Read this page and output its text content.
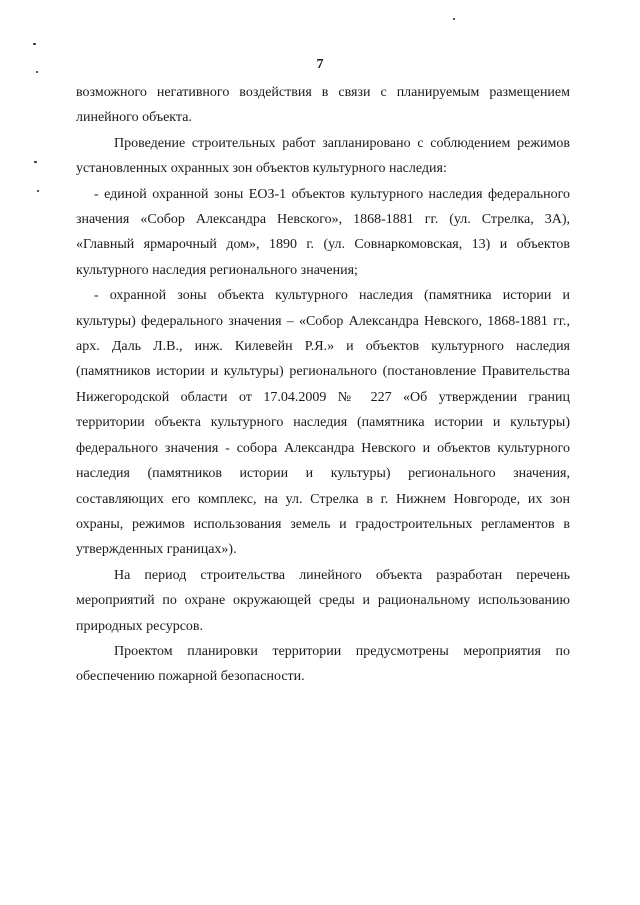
7

возможного негативного воздействия в связи с планируемым размещением линейного объекта.

Проведение строительных работ запланировано с соблюдением режимов установленных охранных зон объектов культурного наследия:

- единой охранной зоны ЕОЗ-1 объектов культурного наследия федерального значения «Собор Александра Невского», 1868-1881 гг. (ул. Стрелка, 3А), «Главный ярмарочный дом», 1890 г. (ул. Совнаркомовская, 13) и объектов культурного наследия регионального значения;

- охранной зоны объекта культурного наследия (памятника истории и культуры) федерального значения – «Собор Александра Невского, 1868-1881 гг., арх. Даль Л.В., инж. Килевейн Р.Я.» и объектов культурного наследия (памятников истории и культуры) регионального (постановление Правительства Нижегородской области от 17.04.2009 № 227 «Об утверждении границ территории объекта культурного наследия (памятника истории и культуры) федерального значения - собора Александра Невского и объектов культурного наследия (памятников истории и культуры) регионального значения, составляющих его комплекс, на ул. Стрелка в г. Нижнем Новгороде, их зон охраны, режимов использования земель и градостроительных регламентов в утвержденных границах»).

На период строительства линейного объекта разработан перечень мероприятий по охране окружающей среды и рациональному использованию природных ресурсов.

Проектом планировки территории предусмотрены мероприятия по обеспечению пожарной безопасности.
